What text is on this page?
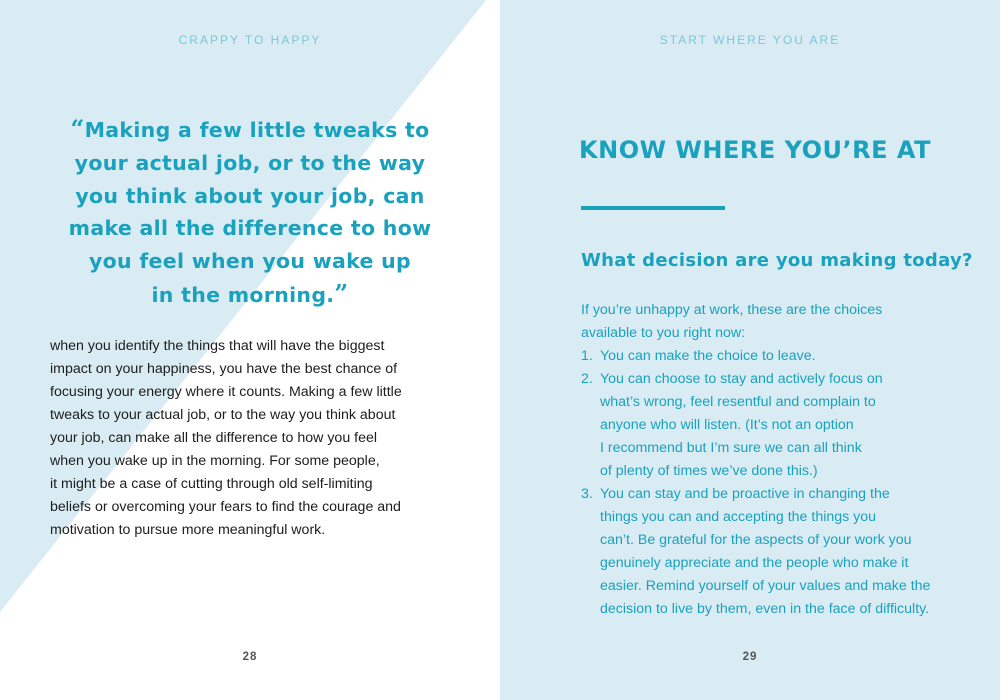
CRAPPY TO HAPPY
“Making a few little tweaks to
your actual job, or to the way
you think about your job, can
make all the difference to how
you feel when you wake up
in the morning.”
when you identify the things that will have the biggest
impact on your happiness, you have the best chance of
focusing your energy where it counts. Making a few little
tweaks to your actual job, or to the way you think about
your job, can make all the difference to how you feel
when you wake up in the morning. For some people,
it might be a case of cutting through old self-limiting
beliefs or overcoming your fears to find the courage and
motivation to pursue more meaningful work.
28
START WHERE YOU ARE
KNOW WHERE YOU’RE AT
What decision are you making today?
If you’re unhappy at work, these are the choices
available to you right now:
1. You can make the choice to leave.
2. You can choose to stay and actively focus on
what’s wrong, feel resentful and complain to
anyone who will listen. (It’s not an option
I recommend but I’m sure we can all think
of plenty of times we’ve done this.)
3. You can stay and be proactive in changing the
things you can and accepting the things you
can’t. Be grateful for the aspects of your work you
genuinely appreciate and the people who make it
easier. Remind yourself of your values and make the
decision to live by them, even in the face of difficulty.
29
